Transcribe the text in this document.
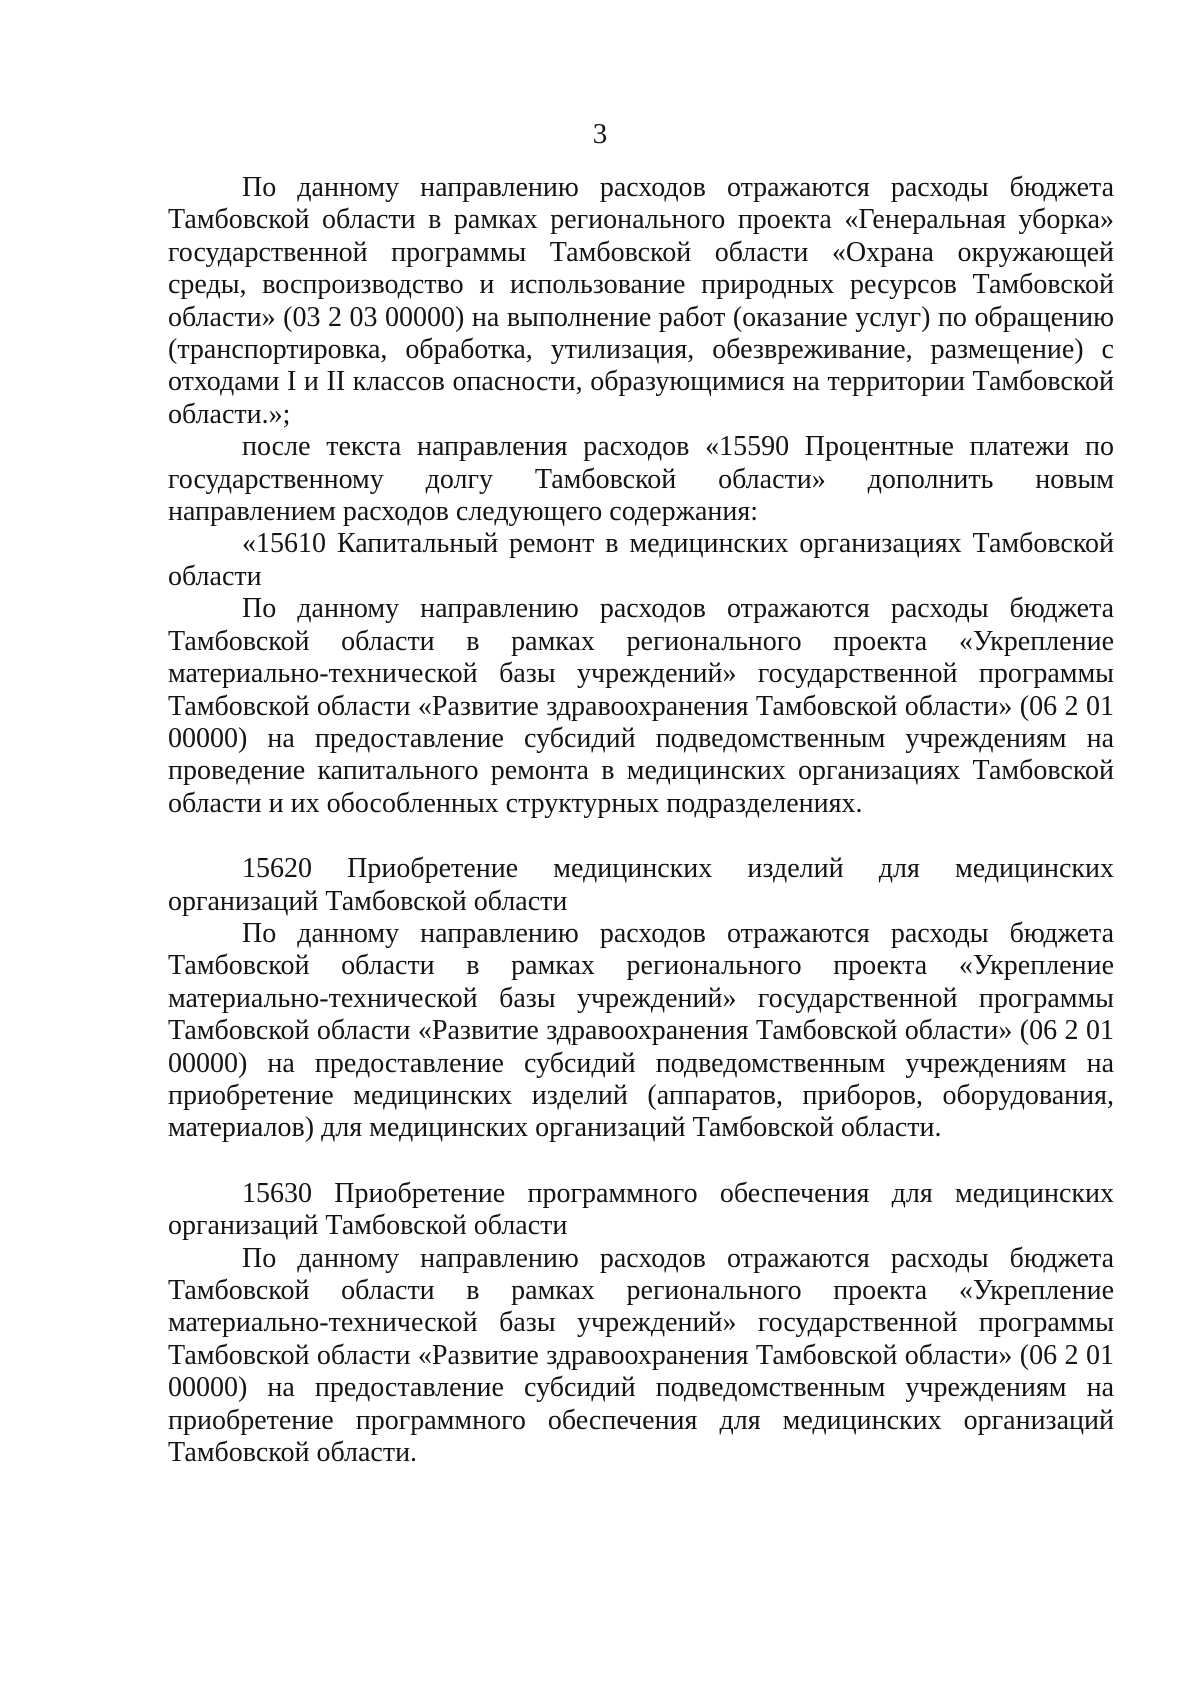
3

По данному направлению расходов отражаются расходы бюджета Тамбовской области в рамках регионального проекта «Генеральная уборка» государственной программы Тамбовской области «Охрана окружающей среды, воспроизводство и использование природных ресурсов Тамбовской области» (03 2 03 00000) на выполнение работ (оказание услуг) по обращению (транспортировка, обработка, утилизация, обезвреживание, размещение) с отходами I и II классов опасности, образующимися на территории Тамбовской области.»;

после текста направления расходов «15590 Процентные платежи по государственному долгу Тамбовской области» дополнить новым направлением расходов следующего содержания:

«15610 Капитальный ремонт в медицинских организациях Тамбовской области

По данному направлению расходов отражаются расходы бюджета Тамбовской области в рамках регионального проекта «Укрепление материально-технической базы учреждений» государственной программы Тамбовской области «Развитие здравоохранения Тамбовской области» (06 2 01 00000) на предоставление субсидий подведомственным учреждениям на проведение капитального ремонта в медицинских организациях Тамбовской области и их обособленных структурных подразделениях.

15620 Приобретение медицинских изделий для медицинских организаций Тамбовской области

По данному направлению расходов отражаются расходы бюджета Тамбовской области в рамках регионального проекта «Укрепление материально-технической базы учреждений» государственной программы Тамбовской области «Развитие здравоохранения Тамбовской области» (06 2 01 00000) на предоставление субсидий подведомственным учреждениям на приобретение медицинских изделий (аппаратов, приборов, оборудования, материалов) для медицинских организаций Тамбовской области.

15630 Приобретение программного обеспечения для медицинских организаций Тамбовской области

По данному направлению расходов отражаются расходы бюджета Тамбовской области в рамках регионального проекта «Укрепление материально-технической базы учреждений» государственной программы Тамбовской области «Развитие здравоохранения Тамбовской области» (06 2 01 00000) на предоставление субсидий подведомственным учреждениям на приобретение программного обеспечения для медицинских организаций Тамбовской области.
